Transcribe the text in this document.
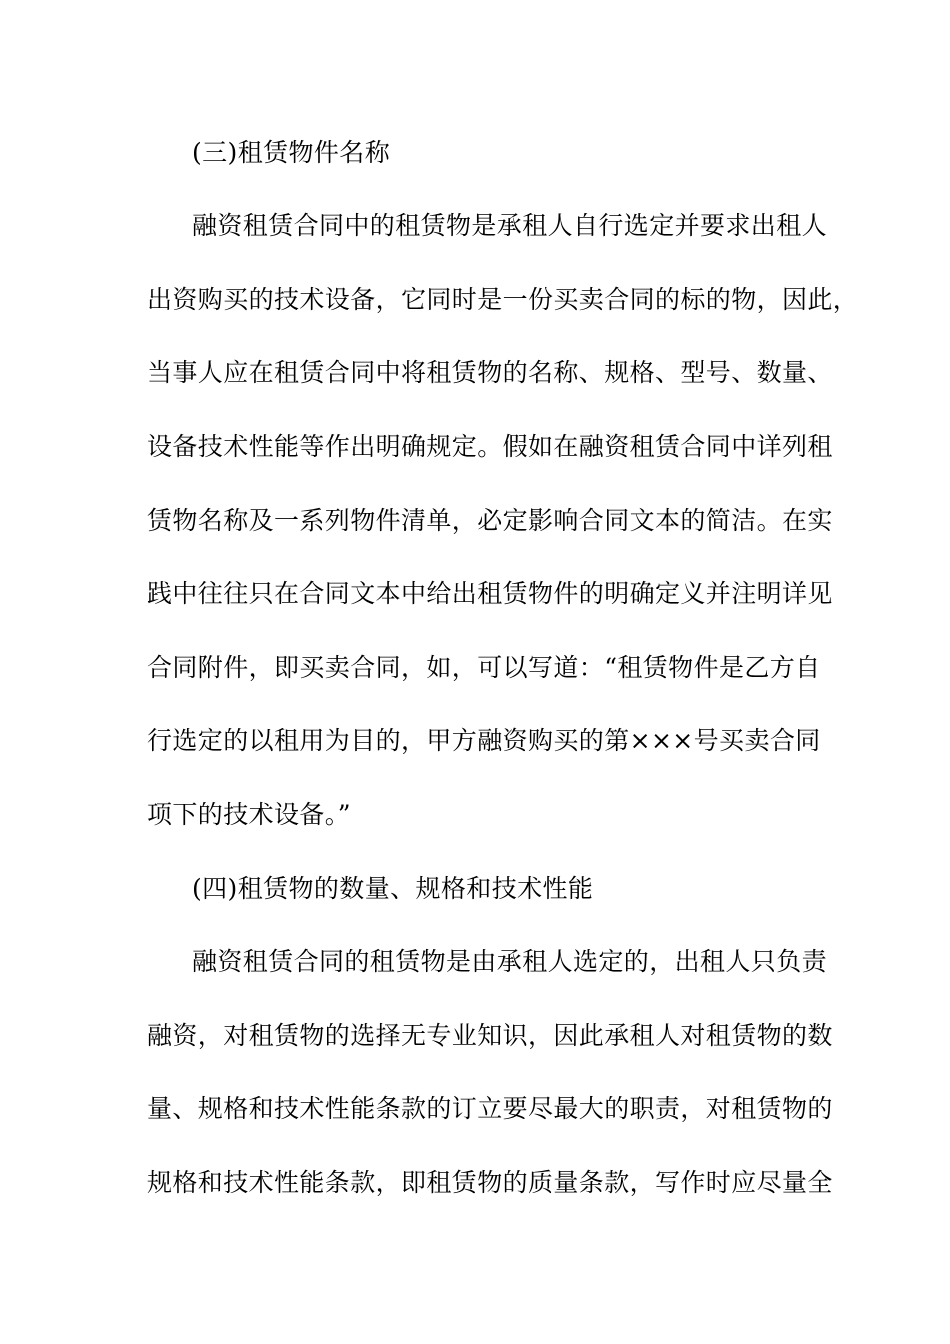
(三)租赁物件名称
融资租赁合同中的租赁物是承租人自行选定并要求出租人
出资购买的技术设备，它同时是一份买卖合同的标的物，因此，
当事人应在租赁合同中将租赁物的名称、规格、型号、数量、
设备技术性能等作出明确规定。假如在融资租赁合同中详列租
赁物名称及一系列物件清单，必定影响合同文本的简洁。在实
践中往往只在合同文本中给出租赁物件的明确定义并注明详见
合同附件，即买卖合同，如，可以写道：“租赁物件是乙方自
行选定的以租用为目的，甲方融资购买的第×××号买卖合同
项下的技术设备。”
(四)租赁物的数量、规格和技术性能
融资租赁合同的租赁物是由承租人选定的，出租人只负责
融资，对租赁物的选择无专业知识，因此承租人对租赁物的数
量、规格和技术性能条款的订立要尽最大的职责，对租赁物的
规格和技术性能条款，即租赁物的质量条款，写作时应尽量全
